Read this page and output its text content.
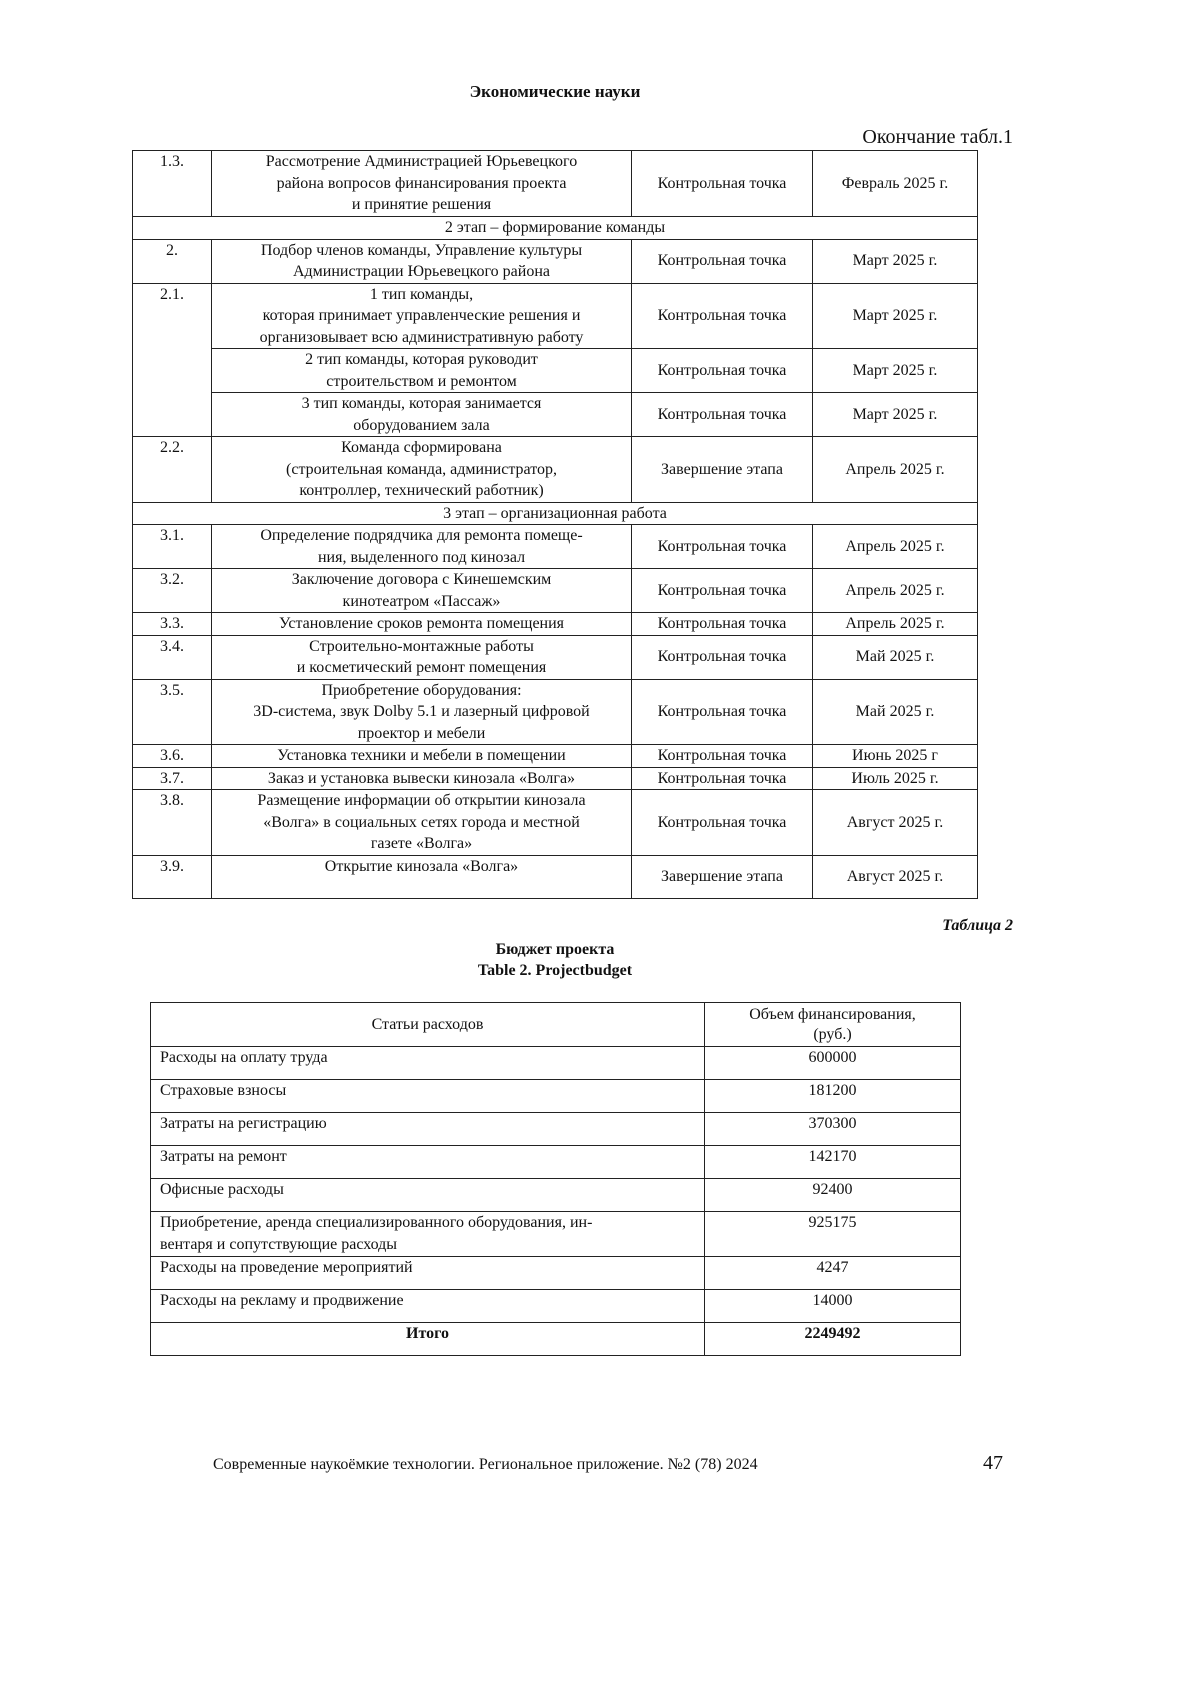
Экономические науки
Окончание табл.1
1.3.	Рассмотрение Администрацией Юрьевецкого
района вопросов финансирования проекта
и принятие решения	Контрольная точка	Февраль 2025 г.
2 этап – формирование команды			
2.	Подбор членов команды, Управление культуры
Администрации Юрьевецкого района	Контрольная точка	Март 2025 г.
2.1.	1 тип команды,
которая принимает управленческие решения и
организовывает всю административную работу	Контрольная точка	Март 2025 г.
	2 тип команды, которая руководит
строительством и ремонтом	Контрольная точка	Март 2025 г.
	3 тип команды, которая занимается
оборудованием зала	Контрольная точка	Март 2025 г.
2.2.	Команда сформирована
(строительная команда, администратор,
контроллер, технический работник)	Завершение этапа	Апрель 2025 г.
3 этап – организационная работа			
3.1.	Определение подрядчика для ремонта помеще-
ния, выделенного под кинозал	Контрольная точка	Апрель 2025 г.
3.2.	Заключение договора с Кинешемским
кинотеатром «Пассаж»	Контрольная точка	Апрель 2025 г.
3.3.	Установление сроков ремонта помещения	Контрольная точка	Апрель 2025 г.
3.4.	Строительно-монтажные работы
и косметический ремонт помещения	Контрольная точка	Май 2025 г.
3.5.	Приобретение оборудования:
3D-система, звук Dolby 5.1 и лазерный цифровой
проектор и мебели	Контрольная точка	Май 2025 г.
3.6.	Установка техники и мебели в помещении	Контрольная точка	Июнь 2025 г
3.7.	Заказ и установка вывески кинозала «Волга»	Контрольная точка	Июль 2025 г.
3.8.	Размещение информации об открытии кинозала
«Волга» в социальных сетях города и местной
газете «Волга»	Контрольная точка	Август 2025 г.
3.9.	Открытие кинозала «Волга»	Завершение этапа	Август 2025 г.
Таблица 2
Бюджет проекта
Table 2. Projectbudget
Статьи расходов	Объем финансирования,
(руб.)
Расходы на оплату труда	600000
Страховые взносы	181200
Затраты на регистрацию	370300
Затраты на ремонт	142170
Офисные расходы	92400
Приобретение, аренда специализированного оборудования, ин-
вентаря и сопутствующие расходы	925175
Расходы на проведение мероприятий	4247
Расходы на рекламу и продвижение	14000
Итого	2249492
Современные наукоёмкие технологии. Региональное приложение. №2 (78) 2024	47
